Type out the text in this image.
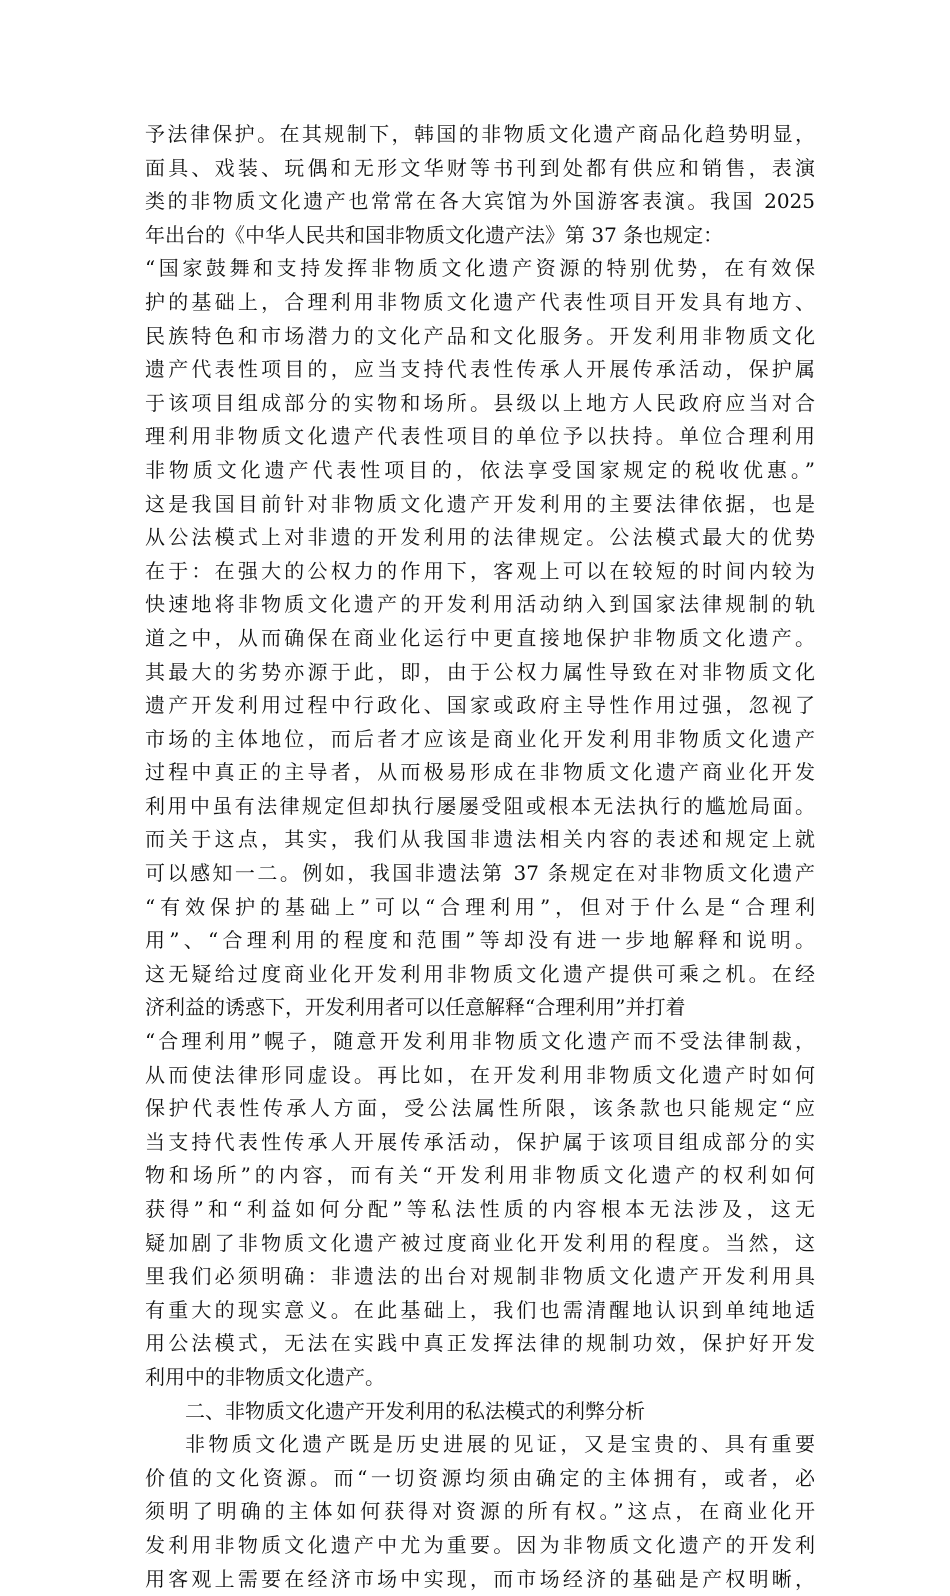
予法律保护。在其规制下，韩国的非物质文化遗产商品化趋势明显，
面具、戏装、玩偶和无形文华财等书刊到处都有供应和销售，表演
类的非物质文化遗产也常常在各大宾馆为外国游客表演。我国 2025
年出台的《中华人民共和国非物质文化遗产法》第 37 条也规定：
“国家鼓舞和支持发挥非物质文化遗产资源的特别优势，在有效保
护的基础上，合理利用非物质文化遗产代表性项目开发具有地方、
民族特色和市场潜力的文化产品和文化服务。开发利用非物质文化
遗产代表性项目的，应当支持代表性传承人开展传承活动，保护属
于该项目组成部分的实物和场所。县级以上地方人民政府应当对合
理利用非物质文化遗产代表性项目的单位予以扶持。单位合理利用
非物质文化遗产代表性项目的，依法享受国家规定的税收优惠。”
这是我国目前针对非物质文化遗产开发利用的主要法律依据，也是
从公法模式上对非遗的开发利用的法律规定。公法模式最大的优势
在于：在强大的公权力的作用下，客观上可以在较短的时间内较为
快速地将非物质文化遗产的开发利用活动纳入到国家法律规制的轨
道之中，从而确保在商业化运行中更直接地保护非物质文化遗产。
其最大的劣势亦源于此，即，由于公权力属性导致在对非物质文化
遗产开发利用过程中行政化、国家或政府主导性作用过强，忽视了
市场的主体地位，而后者才应该是商业化开发利用非物质文化遗产
过程中真正的主导者，从而极易形成在非物质文化遗产商业化开发
利用中虽有法律规定但却执行屡屡受阻或根本无法执行的尴尬局面。
而关于这点，其实，我们从我国非遗法相关内容的表述和规定上就
可以感知一二。例如，我国非遗法第 37 条规定在对非物质文化遗产
“有效保护的基础上”可以“合理利用”，但对于什么是“合理利
用”、“合理利用的程度和范围”等却没有进一步地解释和说明。
这无疑给过度商业化开发利用非物质文化遗产提供可乘之机。在经
济利益的诱惑下，开发利用者可以任意解释“合理利用”并打着
“合理利用”幌子，随意开发利用非物质文化遗产而不受法律制裁，
从而使法律形同虚设。再比如，在开发利用非物质文化遗产时如何
保护代表性传承人方面，受公法属性所限，该条款也只能规定“应
当支持代表性传承人开展传承活动，保护属于该项目组成部分的实
物和场所”的内容，而有关“开发利用非物质文化遗产的权利如何
获得”和“利益如何分配”等私法性质的内容根本无法涉及，这无
疑加剧了非物质文化遗产被过度商业化开发利用的程度。当然，这
里我们必须明确：非遗法的出台对规制非物质文化遗产开发利用具
有重大的现实意义。在此基础上，我们也需清醒地认识到单纯地适
用公法模式，无法在实践中真正发挥法律的规制功效，保护好开发
利用中的非物质文化遗产。
二、非物质文化遗产开发利用的私法模式的利弊分析
非物质文化遗产既是历史进展的见证，又是宝贵的、具有重要
价值的文化资源。而“一切资源均须由确定的主体拥有，或者，必
须明了明确的主体如何获得对资源的所有权。”这点，在商业化开
发利用非物质文化遗产中尤为重要。因为非物质文化遗产的开发利
用客观上需要在经济市场中实现，而市场经济的基础是产权明晰，
